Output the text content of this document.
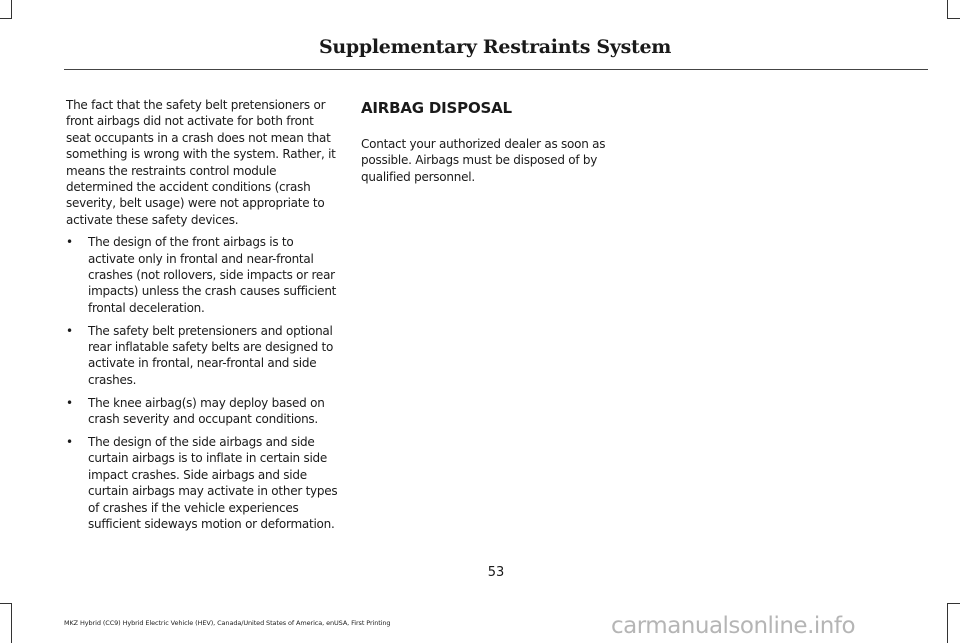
Supplementary Restraints System

The fact that the safety belt pretensioners or front airbags did not activate for both front seat occupants in a crash does not mean that something is wrong with the system. Rather, it means the restraints control module determined the accident conditions (crash severity, belt usage) were not appropriate to activate these safety devices.

• The design of the front airbags is to activate only in frontal and near-frontal crashes (not rollovers, side impacts or rear impacts) unless the crash causes sufficient frontal deceleration.
• The safety belt pretensioners and optional rear inflatable safety belts are designed to activate in frontal, near-frontal and side crashes.
• The knee airbag(s) may deploy based on crash severity and occupant conditions.
• The design of the side airbags and side curtain airbags is to inflate in certain side impact crashes. Side airbags and side curtain airbags may activate in other types of crashes if the vehicle experiences sufficient sideways motion or deformation.
AIRBAG DISPOSAL

Contact your authorized dealer as soon as possible. Airbags must be disposed of by qualified personnel.

53
MKZ Hybrid (CC9) Hybrid Electric Vehicle (HEV), Canada/United States of America, enUSA, First Printing	carmanualsonline.info
